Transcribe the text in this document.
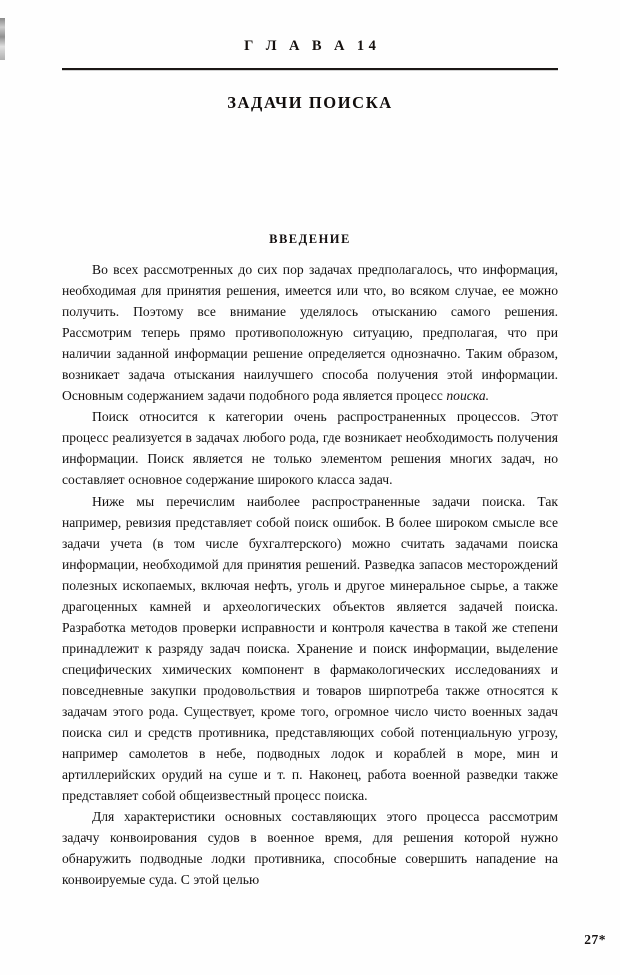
Г Л А В А 14
ЗАДАЧИ ПОИСКА
ВВЕДЕНИЕ

Во всех рассмотренных до сих пор задачах предполагалось, что информация, необходимая для принятия решения, имеется или что, во всяком случае, ее можно получить. Поэтому все внимание уделялось отысканию самого решения. Рассмотрим теперь прямо противоположную ситуацию, предполагая, что при наличии заданной информации решение определяется однозначно. Таким образом, возникает задача отыскания наилучшего способа получения этой информации. Основным содержанием задачи подобного рода является процесс поиска.

Поиск относится к категории очень распространенных процессов. Этот процесс реализуется в задачах любого рода, где возникает необходимость получения информации. Поиск является не только элементом решения многих задач, но составляет основное содержание широкого класса задач.

Ниже мы перечислим наиболее распространенные задачи поиска. Так например, ревизия представляет собой поиск ошибок. В более широком смысле все задачи учета (в том числе бухгалтерского) можно считать задачами поиска информации, необходимой для принятия решений. Разведка запасов месторождений полезных ископаемых, включая нефть, уголь и другое минеральное сырье, а также драгоценных камней и археологических объектов является задачей поиска. Разработка методов проверки исправности и контроля качества в такой же степени принадлежит к разряду задач поиска. Хранение и поиск информации, выделение специфических химических компонент в фармакологических исследованиях и повседневные закупки продовольствия и товаров ширпотреба также относятся к задачам этого рода. Существует, кроме того, огромное число чисто военных задач поиска сил и средств противника, представляющих собой потенциальную угрозу, например самолетов в небе, подводных лодок и кораблей в море, мин и артиллерийских орудий на суше и т. п. Наконец, работа военной разведки также представляет собой общеизвестный процесс поиска.

Для характеристики основных составляющих этого процесса рассмотрим задачу конвоирования судов в военное время, для решения которой нужно обнаружить подводные лодки противника, способные совершить нападение на конвоируемые суда. С этой целью

27*
